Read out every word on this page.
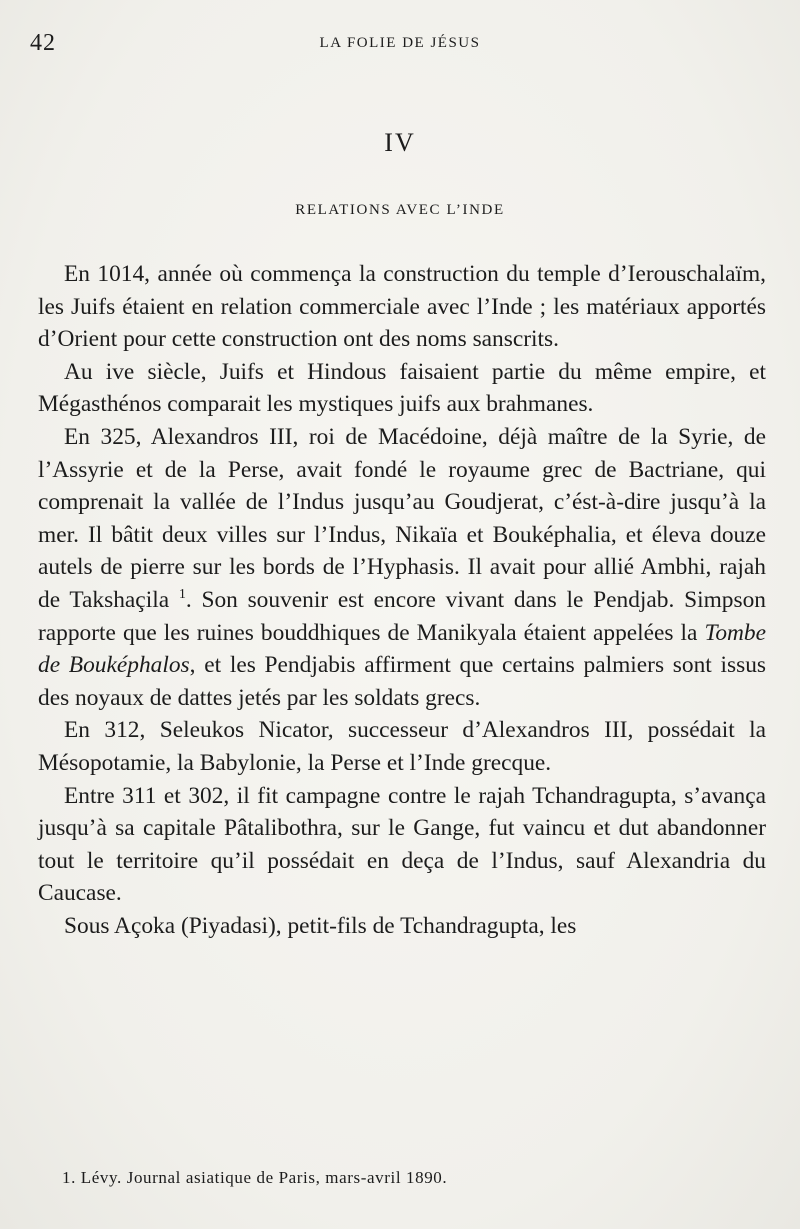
42	LA FOLIE DE JÉSUS
IV
RELATIONS AVEC L’INDE

En 1014, année où commença la construction du temple d’Ierouschalaïm, les Juifs étaient en relation commerciale avec l’Inde ; les matériaux apportés d’Orient pour cette construction ont des noms sanscrits.

Au ive siècle, Juifs et Hindous faisaient partie du même empire, et Mégasthénos comparait les mystiques juifs aux brahmanes.

En 325, Alexandros III, roi de Macédoine, déjà maître de la Syrie, de l’Assyrie et de la Perse, avait fondé le royaume grec de Bactriane, qui comprenait la vallée de l’Indus jusqu’au Goudjerat, c’ést-à-dire jusqu’à la mer. Il bâtit deux villes sur l’Indus, Nikaïa et Bouképhalia, et éleva douze autels de pierre sur les bords de l’Hyphasis. Il avait pour allié Ambhi, rajah de Takshaçila $^1$. Son souvenir est encore vivant dans le Pendjab. Simpson rapporte que les ruines bouddhiques de Manikyala étaient appelées la Tombe de Bouképhalos, et les Pendjabis affirment que certains palmiers sont issus des noyaux de dattes jetés par les soldats grecs.

En 312, Seleukos Nicator, successeur d’Alexandros III, possédait la Mésopotamie, la Babylonie, la Perse et l’Inde grecque.

Entre 311 et 302, il fit campagne contre le rajah Tchandragupta, s’avança jusqu’à sa capitale Pâtalibothra, sur le Gange, fut vaincu et dut abandonner tout le territoire qu’il possédait en deça de l’Indus, sauf Alexandria du Caucase.

Sous Açoka (Piyadasi), petit-fils de Tchandragupta, les

1. Lévy. Journal asiatique de Paris, mars-avril 1890.
